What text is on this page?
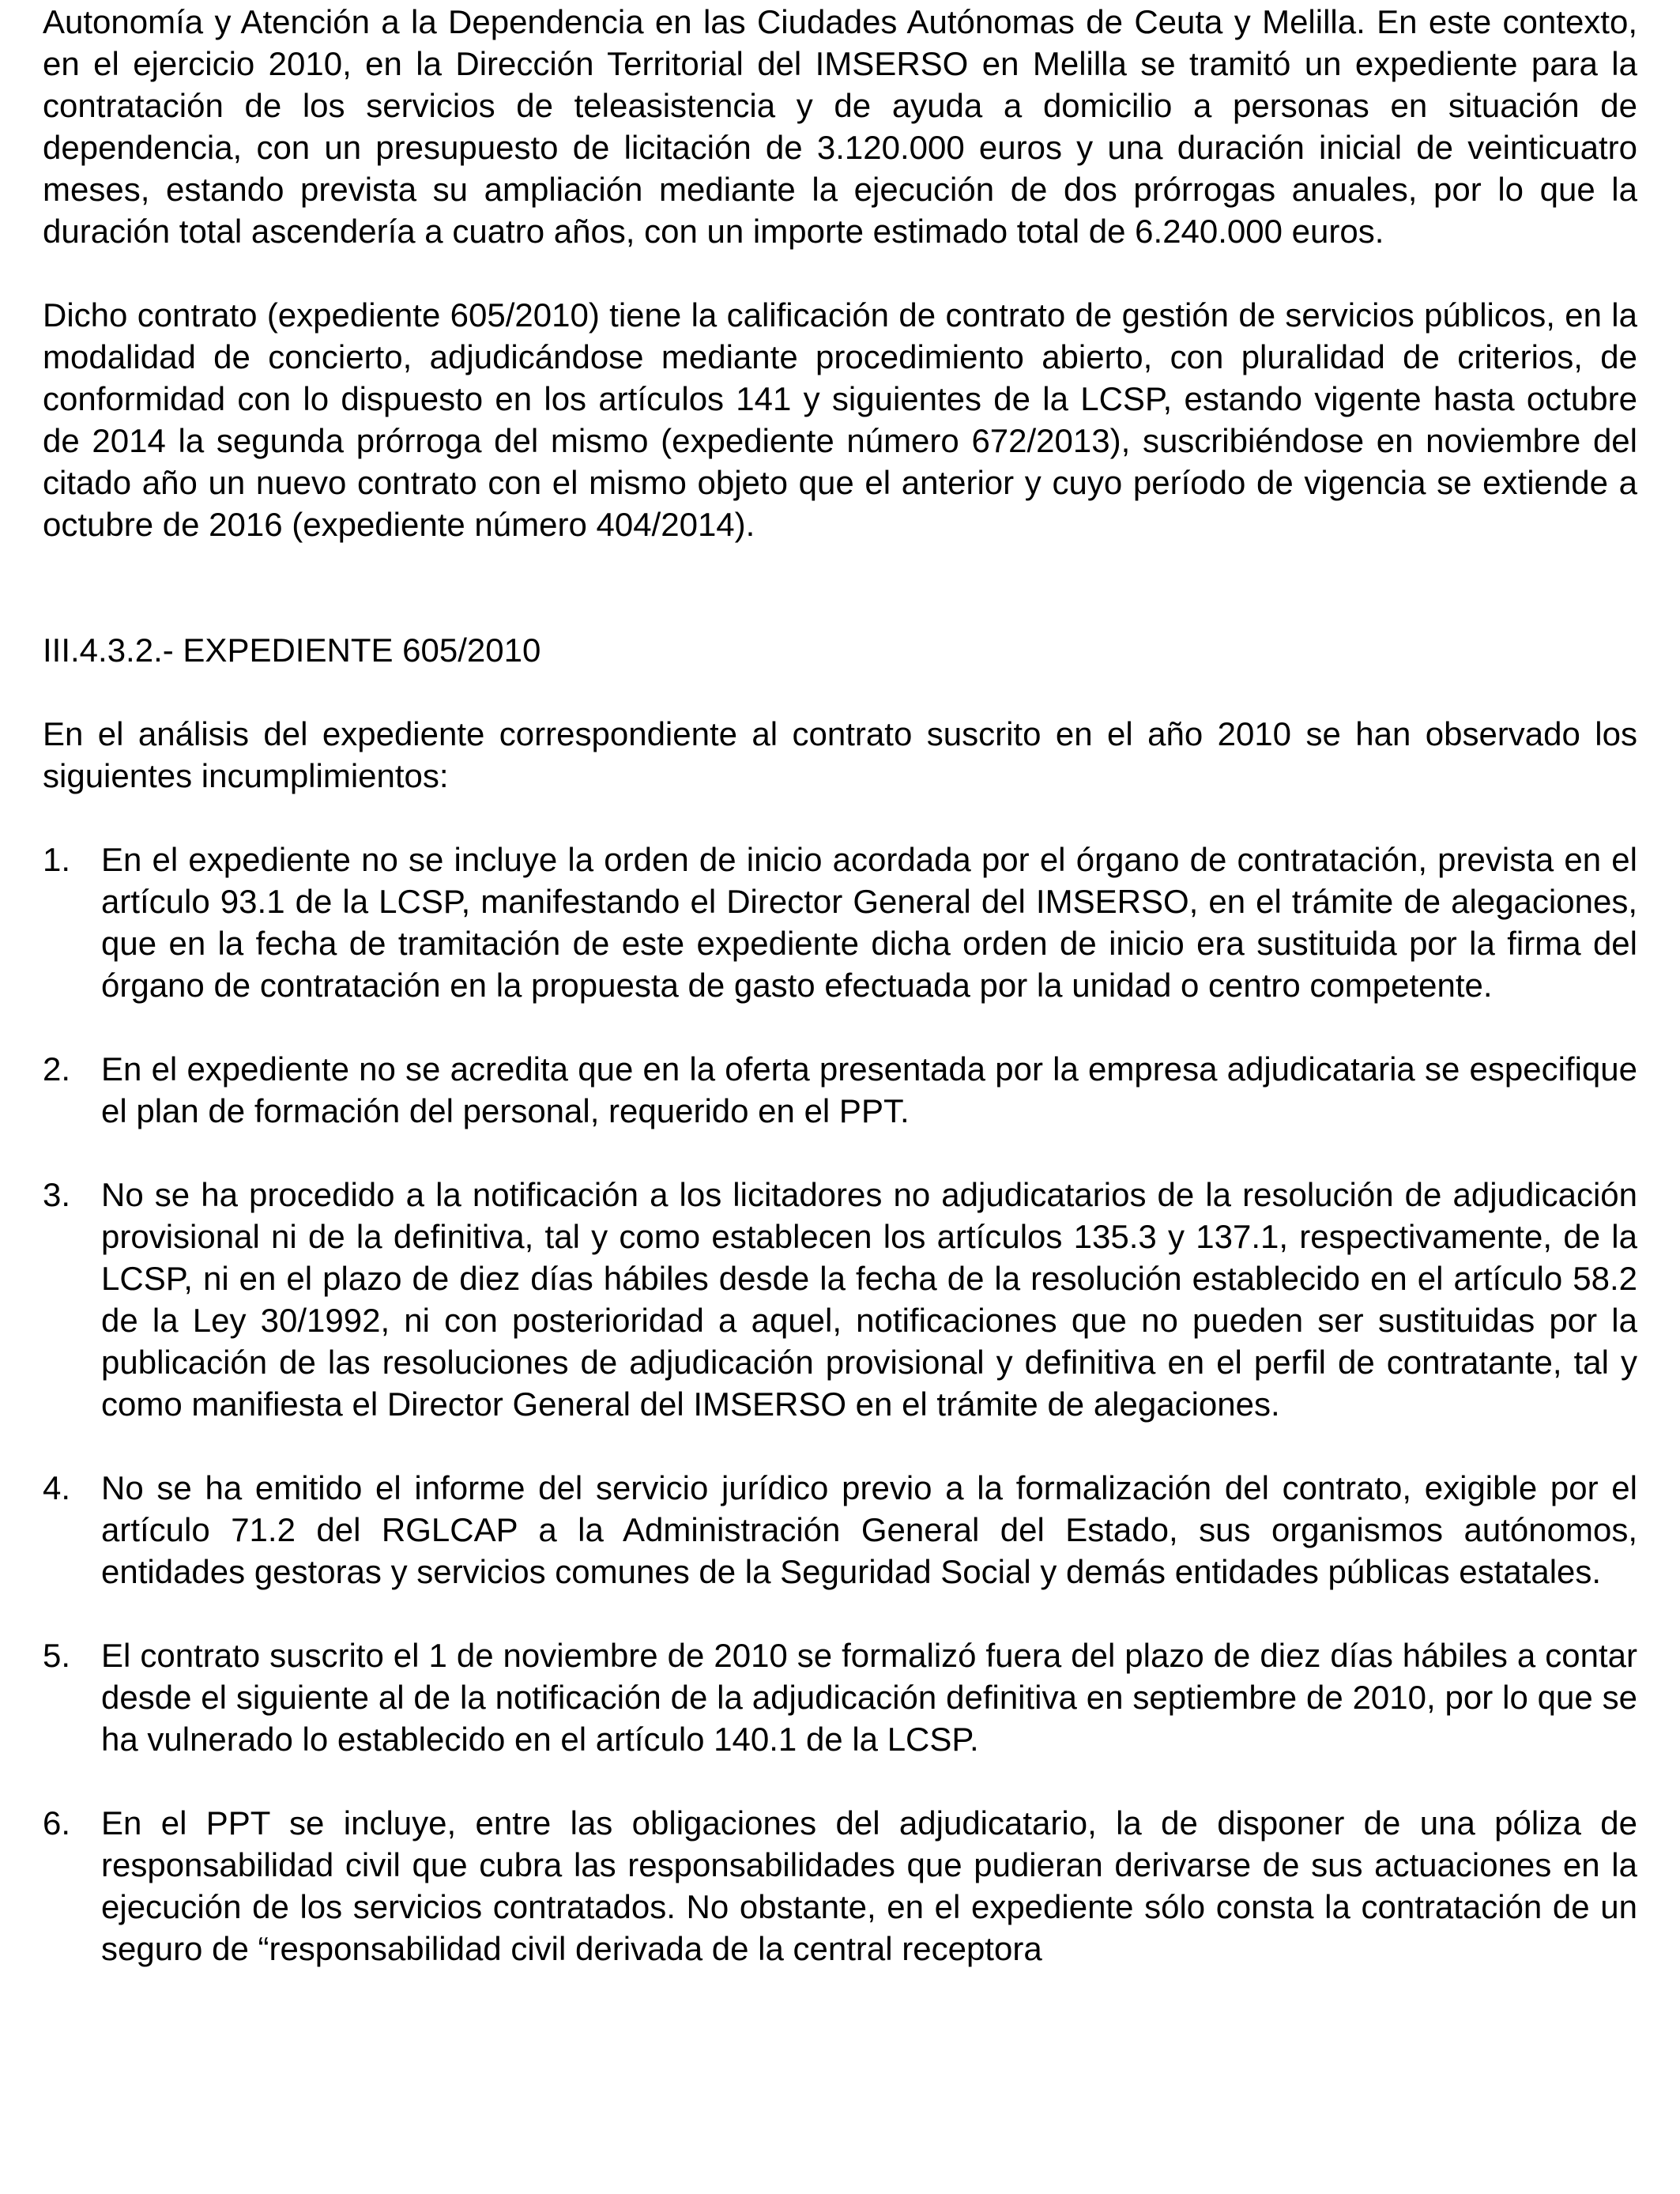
Autonomía y Atención a la Dependencia en las Ciudades Autónomas de Ceuta y Melilla. En este contexto, en el ejercicio 2010, en la Dirección Territorial del IMSERSO en Melilla se tramitó un expediente para la contratación de los servicios de teleasistencia y de ayuda a domicilio a personas en situación de dependencia, con un presupuesto de licitación de 3.120.000 euros y una duración inicial de veinticuatro meses, estando prevista su ampliación mediante la ejecución de dos prórrogas anuales, por lo que la duración total ascendería a cuatro años, con un importe estimado total de 6.240.000 euros.

Dicho contrato (expediente 605/2010) tiene la calificación de contrato de gestión de servicios públicos, en la modalidad de concierto, adjudicándose mediante procedimiento abierto, con pluralidad de criterios, de conformidad con lo dispuesto en los artículos 141 y siguientes de la LCSP, estando vigente hasta octubre de 2014 la segunda prórroga del mismo (expediente número 672/2013), suscribiéndose en noviembre del citado año un nuevo contrato con el mismo objeto que el anterior y cuyo período de vigencia se extiende a octubre de 2016 (expediente número 404/2014).

III.4.3.2.- EXPEDIENTE 605/2010

En el análisis del expediente correspondiente al contrato suscrito en el año 2010 se han observado los siguientes incumplimientos:

1. En el expediente no se incluye la orden de inicio acordada por el órgano de contratación, prevista en el artículo 93.1 de la LCSP, manifestando el Director General del IMSERSO, en el trámite de alegaciones, que en la fecha de tramitación de este expediente dicha orden de inicio era sustituida por la firma del órgano de contratación en la propuesta de gasto efectuada por la unidad o centro competente.

2. En el expediente no se acredita que en la oferta presentada por la empresa adjudicataria se especifique el plan de formación del personal, requerido en el PPT.

3. No se ha procedido a la notificación a los licitadores no adjudicatarios de la resolución de adjudicación provisional ni de la definitiva, tal y como establecen los artículos 135.3 y 137.1, respectivamente, de la LCSP, ni en el plazo de diez días hábiles desde la fecha de la resolución establecido en el artículo 58.2 de la Ley 30/1992, ni con posterioridad a aquel, notificaciones que no pueden ser sustituidas por la publicación de las resoluciones de adjudicación provisional y definitiva en el perfil de contratante, tal y como manifiesta el Director General del IMSERSO en el trámite de alegaciones.

4. No se ha emitido el informe del servicio jurídico previo a la formalización del contrato, exigible por el artículo 71.2 del RGLCAP a la Administración General del Estado, sus organismos autónomos, entidades gestoras y servicios comunes de la Seguridad Social y demás entidades públicas estatales.

5. El contrato suscrito el 1 de noviembre de 2010 se formalizó fuera del plazo de diez días hábiles a contar desde el siguiente al de la notificación de la adjudicación definitiva en septiembre de 2010, por lo que se ha vulnerado lo establecido en el artículo 140.1 de la LCSP.

6. En el PPT se incluye, entre las obligaciones del adjudicatario, la de disponer de una póliza de responsabilidad civil que cubra las responsabilidades que pudieran derivarse de sus actuaciones en la ejecución de los servicios contratados. No obstante, en el expediente sólo consta la contratación de un seguro de “responsabilidad civil derivada de la central receptora
